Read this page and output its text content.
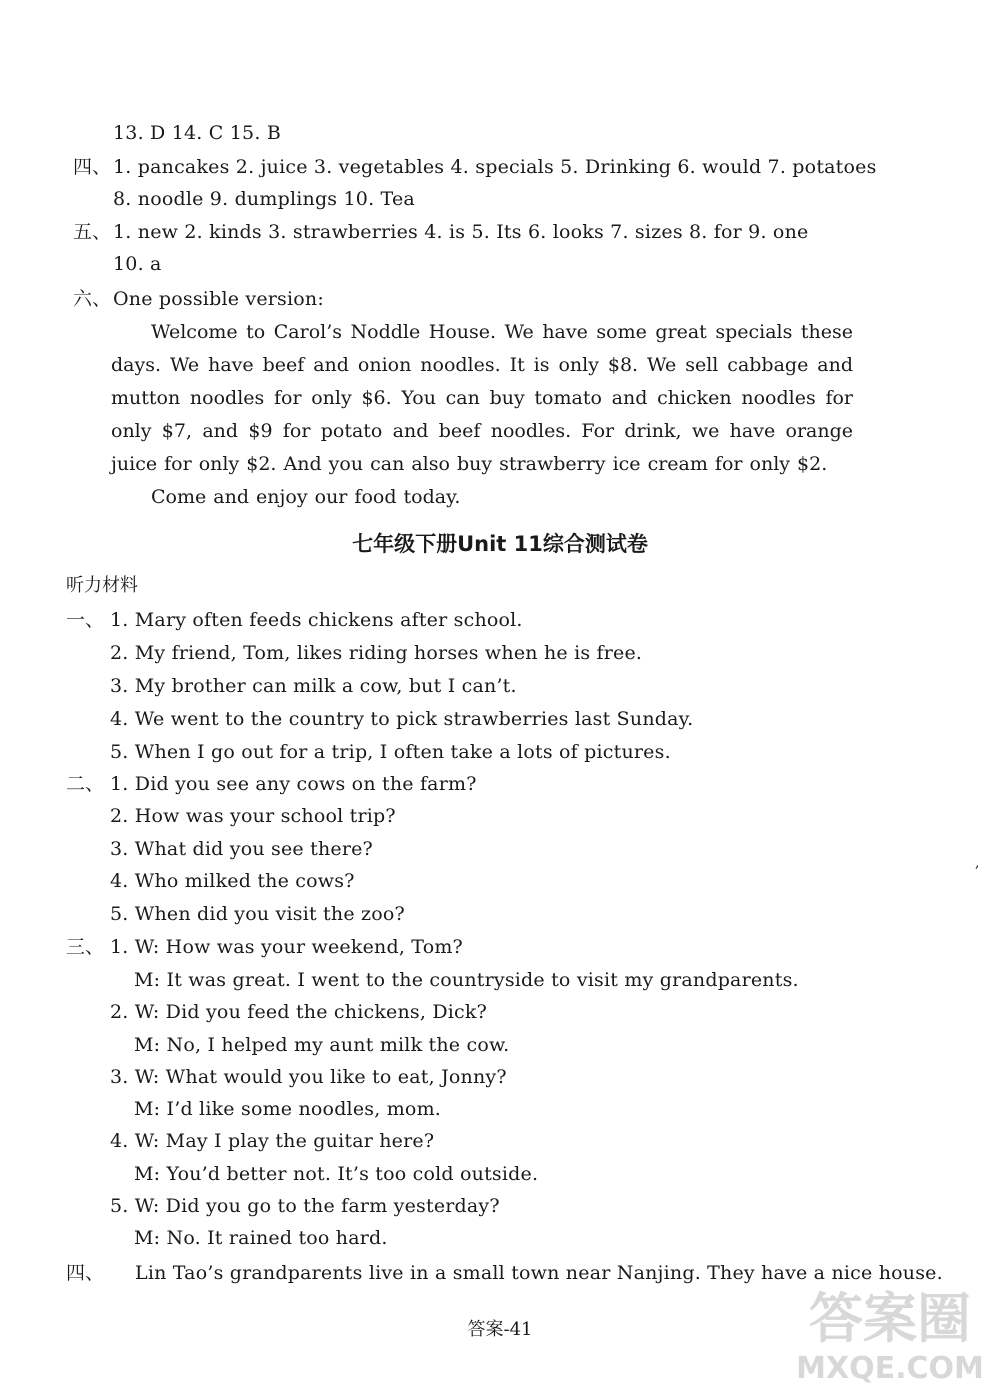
13. D 14. C 15. B
四、 1. pancakes 2. juice 3. vegetables 4. specials 5. Drinking 6. would 7. potatoes
8. noodle 9. dumplings 10. Tea
五、 1. new 2. kinds 3. strawberries 4. is 5. Its 6. looks 7. sizes 8. for 9. one
10. a
六、 One possible version:

Welcome to Carol’s Noddle House. We have some great specials these days. We have beef and onion noodles. It is only $8. We sell cabbage and mutton noodles for only $6. You can buy tomato and chicken noodles for only $7, and $9 for potato and beef noodles. For drink, we have orange juice for only $2. And you can also buy strawberry ice cream for only $2.

Come and enjoy our food today.

七年级下册Unit 11综合测试卷
听力材料
一、 1. Mary often feeds chickens after school.
2. My friend, Tom, likes riding horses when he is free.
3. My brother can milk a cow, but I can’t.
4. We went to the country to pick strawberries last Sunday.
5. When I go out for a trip, I often take a lots of pictures.
二、 1. Did you see any cows on the farm?
2. How was your school trip?
3. What did you see there?
4. Who milked the cows?
5. When did you visit the zoo?
三、 1. W: How was your weekend, Tom?
M: It was great. I went to the countryside to visit my grandparents.
2. W: Did you feed the chickens, Dick?
M: No, I helped my aunt milk the cow.
3. W: What would you like to eat, Jonny?
M: I’d like some noodles, mom.
4. W: May I play the guitar here?
M: You’d better not. It’s too cold outside.
5. W: Did you go to the farm yesterday?
M: No. It rained too hard.
四、 Lin Tao’s grandparents live in a small town near Nanjing. They have a nice house.
,
答案-41	答案圈
MXQE.COM
